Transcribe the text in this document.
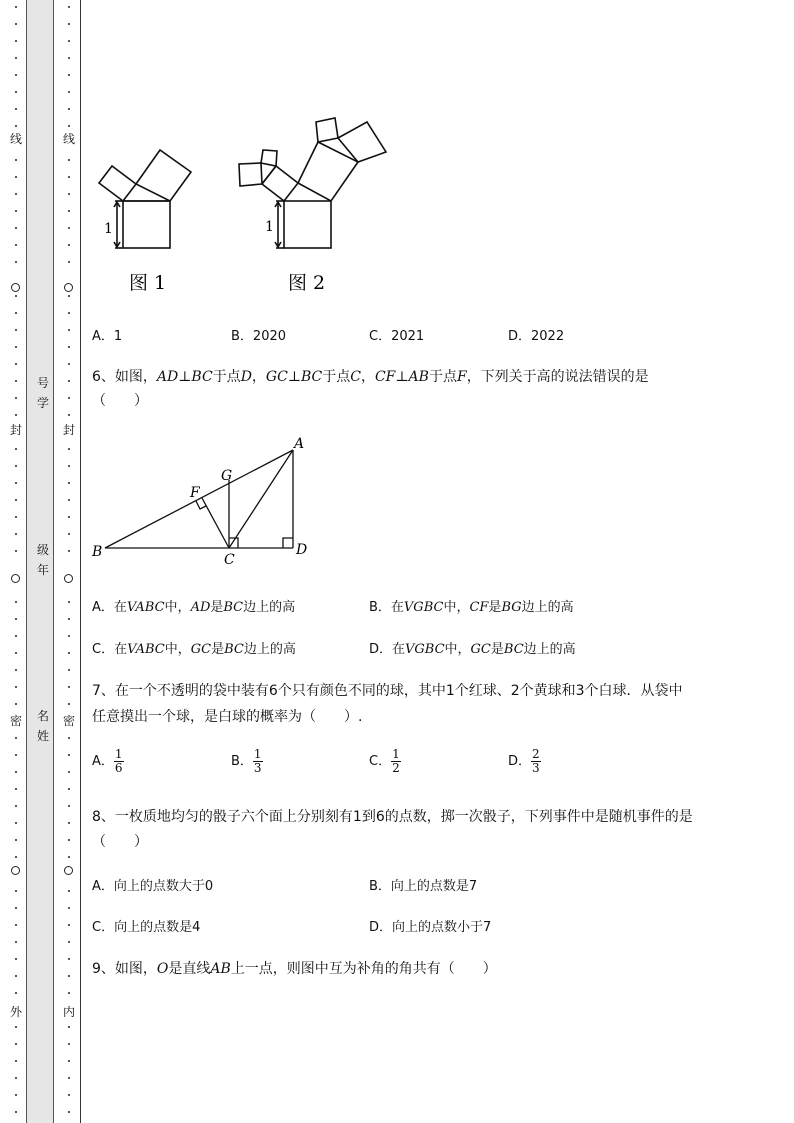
线
封
密
外
线
封
密
内
号
学
级
年
名
姓
1	1
图 1	图 2
A．1	B．2020	C．2021	D．2022
6、如图，AD⊥BC于点D，GC⊥BC于点C，CF⊥AB于点F，下列关于高的说法错误的是
（　　）
A
B	C
D
F
G
A．在VABC中，AD是BC边上的高	B．在VGBC中，CF是BG边上的高
C．在VABC中，GC是BC边上的高	D．在VGBC中，GC是BC边上的高
7、在一个不透明的袋中装有6个只有颜色不同的球，其中1个红球、2个黄球和3个白球．从袋中
任意摸出一个球，是白球的概率为（　　）.
A． $\frac{1}{6}$	B． $\frac{1}{3}$	C． $\frac{1}{2}$	D． $\frac{2}{3}$
8、一枚质地均匀的骰子六个面上分别刻有1到6的点数，掷一次骰子，下列事件中是随机事件的是
（　　）
A．向上的点数大于0	B．向上的点数是7
C．向上的点数是4	D．向上的点数小于7
9、如图，O是直线AB上一点，则图中互为补角的角共有（　　）
